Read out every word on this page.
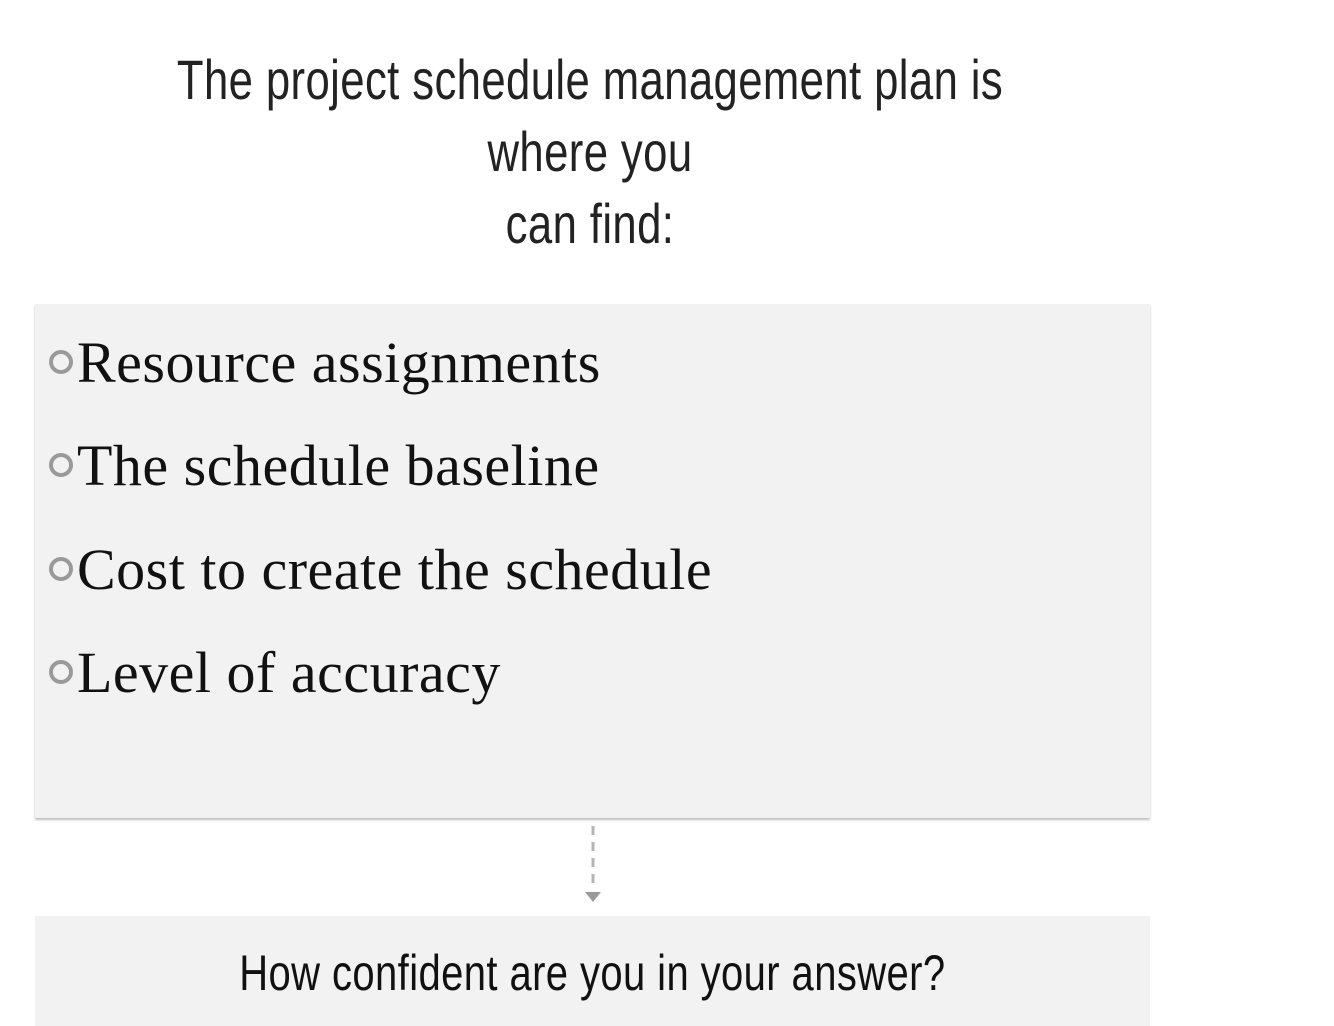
The project schedule management plan is where you
can find:
Resource assignments
The schedule baseline
Cost to create the schedule
Level of accuracy
How confident are you in your answer?
